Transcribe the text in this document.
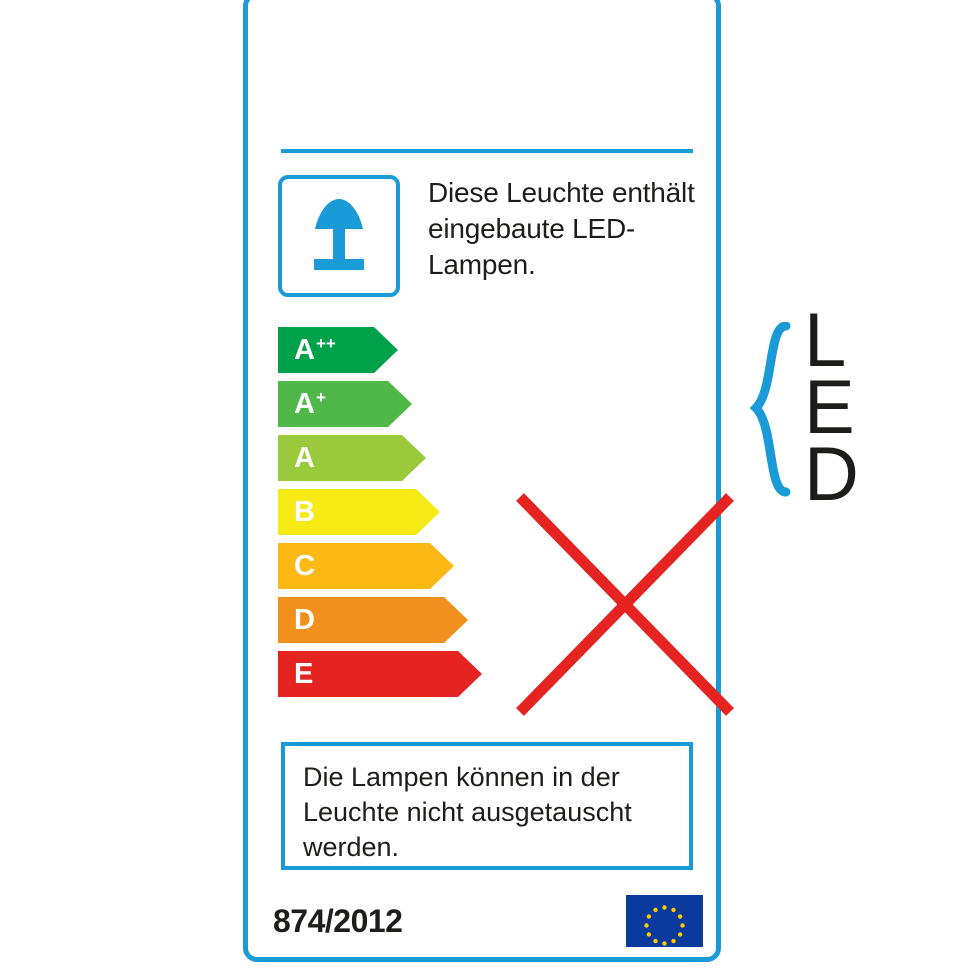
Diese Leuchte enthält eingebaute LED-Lampen.
A ++
A +
A
B
C
D
E
L
E
D
Die Lampen können in der Leuchte nicht ausgetauscht werden.
874/2012
